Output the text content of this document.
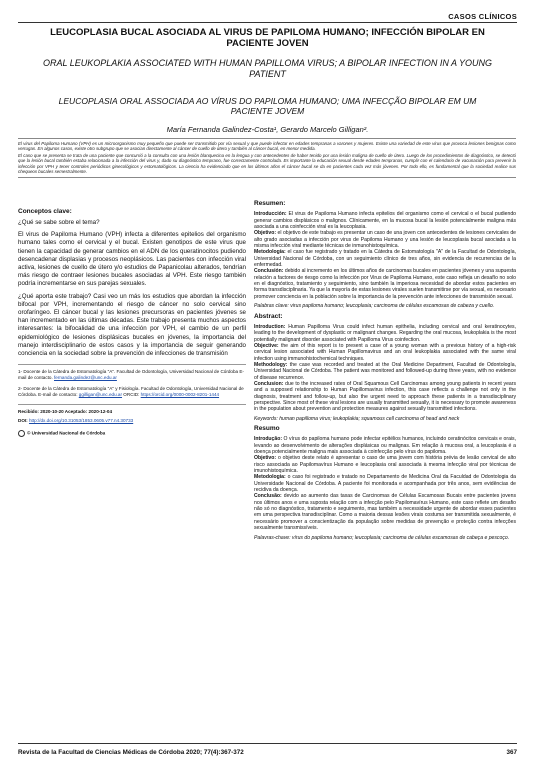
CASOS CLÍNICOS
LEUCOPLASIA BUCAL ASOCIADA AL VIRUS DE PAPILOMA HUMANO; INFECCIÓN BIPOLAR EN PACIENTE JOVEN
ORAL LEUKOPLAKIA ASSOCIATED WITH HUMAN PAPILLOMA VIRUS; A BIPOLAR INFECTION IN A YOUNG PATIENT
LEUCOPLASIA ORAL ASSOCIADA AO VÍRUS DO PAPILOMA HUMANO; UMA INFECÇÃO BIPOLAR EM UM PACIENTE JOVEM
María Fernanda Galindez-Costa¹, Gerardo Marcelo Gilligan².

El virus del Papiloma Humano (VPH) es un microorganismo muy pequeño que puede ser transmitido por vía sexual y que puede infectar en edades tempranas a varones y mujeres. Existe una variedad de este virus que provoca lesiones benignas como verrugas. En algunos casos, existe otro subgrupo que se asocian directamente al cáncer de cuello de útero y también al cáncer bucal, en menor medida.

El caso que se presenta se trata de una paciente que concurrió a la consulta con una lesión blanquecina en la lengua y con antecedentes de haber tenido por una lesión maligna de cuello de útero. Luego de los procedimientos de diagnóstico, se detectó que la lesión bucal también estaba relacionada a la infección del virus y, dado su diagnóstico temprano, fue correctamente controlada. Es importante la educación sexual desde edades tempranas, cumplir con el calendario de vacunación para prevenir la infección por VPH y tener controles periódicos ginecológicos y estomatológicos. La ciencia ha evidenciado que en los últimos años el cáncer bucal se da en pacientes cada vez más jóvenes. Por todo ello, es fundamental que la sociedad realice sus chequeos bucales semestralmente.

Conceptos clave:
¿Qué se sabe sobre el tema?
El virus de Papiloma Humano (VPH) infecta a diferentes epitelios del organismo humano tales como el cervical y el bucal. Existen genotipos de este virus que tienen la capacidad de generar cambios en el ADN de los queratinocitos pudiendo desencadenar displasias y procesos neoplásicos. Las pacientes con infección viral activa, lesiones de cuello de útero y/o estudios de Papanicolau alterados, tendrían más riesgo de contraer lesiones bucales asociadas al VPH. Este riesgo también podría incrementarse en sus parejas sexuales.
¿Qué aporta este trabajo? Casi veo un más los estudios que abordan la infección bifocal por VPH, incrementando el riesgo de cáncer no solo cervical sino orofaríngeo. El cáncer bucal y las lesiones precursoras en pacientes jóvenes se han incrementado en las últimas décadas. Este trabajo presenta muchos aspectos interesantes: la bifocalidad de una infección por VPH, el cambio de un perfil epidemiológico de lesiones displásicas bucales en jóvenes, la importancia del manejo interdisciplinario de estos casos y la importancia de seguir generando conciencia en la sociedad sobre la prevención de infecciones de transmisión
1- Docente de la Cátedra de Estomatología "A". Facultad de Odontología, Universidad Nacional de Córdoba E-mail de contacto. fernanda.galindez@unc.edu.ar
2- Docente de la Cátedra de Estomatología "A" y Fisiología. Facultad de Odontología, Universidad Nacional de Córdoba. E-mail de contacto: ggilligan@unc.edu.ar ORCID: https://orcid.org/0000-0002-8201-1444
Recibido: 2020-10-20 Aceptado: 2020-12-04
DOI: http://dx.doi.org/10.31053/1853.0605.v77.n4.30733
© Universidad Nacional de Córdoba
Resumen:

Introducción: El virus de Papiloma Humano infecta epitelios del organismo como el cervical o el bucal pudiendo generar cambios displásicos o malignos. Clínicamente, en la mucosa bucal la lesión potencialmente maligna más asociada a una coinfección viral es la leucoplasia.

Objetivo: el objetivo de este trabajo es presentar un caso de una joven con antecedentes de lesiones cervicales de alto grado asociadas a infección por virus de Papiloma Humano y una lesión de leucoplasia bucal asociada a la misma infección viral mediante técnicas de inmunohistoquímica.

Metodología: el caso fue registrado y tratado en la Cátedra de Estomatología "A" de la Facultad de Odontología, Universidad Nacional de Córdoba, con un seguimiento clínico de tres años, sin evidencia de recurrencias de la enfermedad.

Conclusión: debido al incremento en los últimos años de carcinomas bucales en pacientes jóvenes y una supuesta relación a factores de riesgo como la infección por Virus de Papiloma Humano, este caso refleja un desafío no solo en el diagnóstico, tratamiento y seguimiento, sino también la imperiosa necesidad de abordar estos pacientes en forma transdisciplinaria. Ya que la mayoría de estas lesiones virales suelen transmitirse por vía sexual, es necesario promover conciencia en la población sobre la importancia de la prevención ante infecciones de transmisión sexual.

Palabras clave: virus papiloma humano; leucoplasia; carcinoma de células escamosas de cabeza y cuello.

Abstract:

Introduction: Human Papilloma Virus could infect human epithelia, including cervical and oral keratinocytes, leading to the development of dysplastic or malignant changes. Regarding the oral mucosa, leukoplakia is the most potentially malignant disorder associated with Papilloma Virus coinfection.

Objective: the aim of this report is to present a case of a young woman with a previous history of a high-risk cervical lesion associated with Human Papillomavirus and an oral leukoplakia associated with the same viral infection using immunohistochemical techniques.

Methodology: the case was recorded and treated at the Oral Medicine Department, Facultad de Odontología, Universidad Nacional de Córdoba. The patient was monitored and followed-up during three years, with no evidence of disease recurrence.

Conclusion: due to the increased rates of Oral Squamous Cell Carcinomas among young patients in recent years and a supposed relationship to Human Papillomavirus infection, this case reflects a challenge not only in the diagnosis, treatment and follow-up, but also the urgent need to approach these patients in a transdisciplinary perspective. Since most of these viral lesions are usually transmitted sexually, it is necessary to promote awareness in the population about prevention and protection measures against sexually transmitted infections.

Keywords: human papilloma virus; leukoplakia; squamous cell carcinoma of head and neck

Resumo

Introdução: O vírus do papiloma humano pode infectar epitélios humanos, incluindo ceratinócitos cervicais e orais, levando ao desenvolvimento de alterações displásicas ou malignas. Em relação à mucosa oral, a leucoplasia é a doença potencialmente maligna mais associada à coinfecção pelo vírus do papiloma.

Objetivo: o objetivo deste relato é apresentar o caso de uma jovem com história prévia de lesão cervical de alto risco associada ao Papilomavírus Humano e leucoplasia oral associada à mesma infecção viral por técnicas de imunohistoquímica.

Metodologia: o caso foi registrado e tratado no Departamento de Medicina Oral da Faculdad de Odontologia da Universidade Nacional de Córdoba. A paciente foi monitorada e acompanhada por três anos, sem evidências de recidiva da doença.

Conclusão: devido ao aumento das taxas de Carcinomas de Células Escamosas Bucais entre pacientes jovens nos últimos anos e uma suposta relação com a infecção pelo Papilomavírus Humano, este caso reflete um desafio não só no diagnóstico, tratamento e seguimento, mas também a necessidade urgente de abordar esses pacientes em uma perspectiva transdisciplinar. Como a maioria dessas lesões virais costuma ser transmitida sexualmente, é necessário promover a conscientização da população sobre medidas de prevenção e proteção contra infecções sexualmente transmissíveis.

Palavras-chave: vírus do papiloma humano; leucoplasia; carcinoma de células escamosas de cabeça e pescoço.

Revista de la Facultad de Ciencias Médicas de Córdoba 2020; 77(4):367-372	367
